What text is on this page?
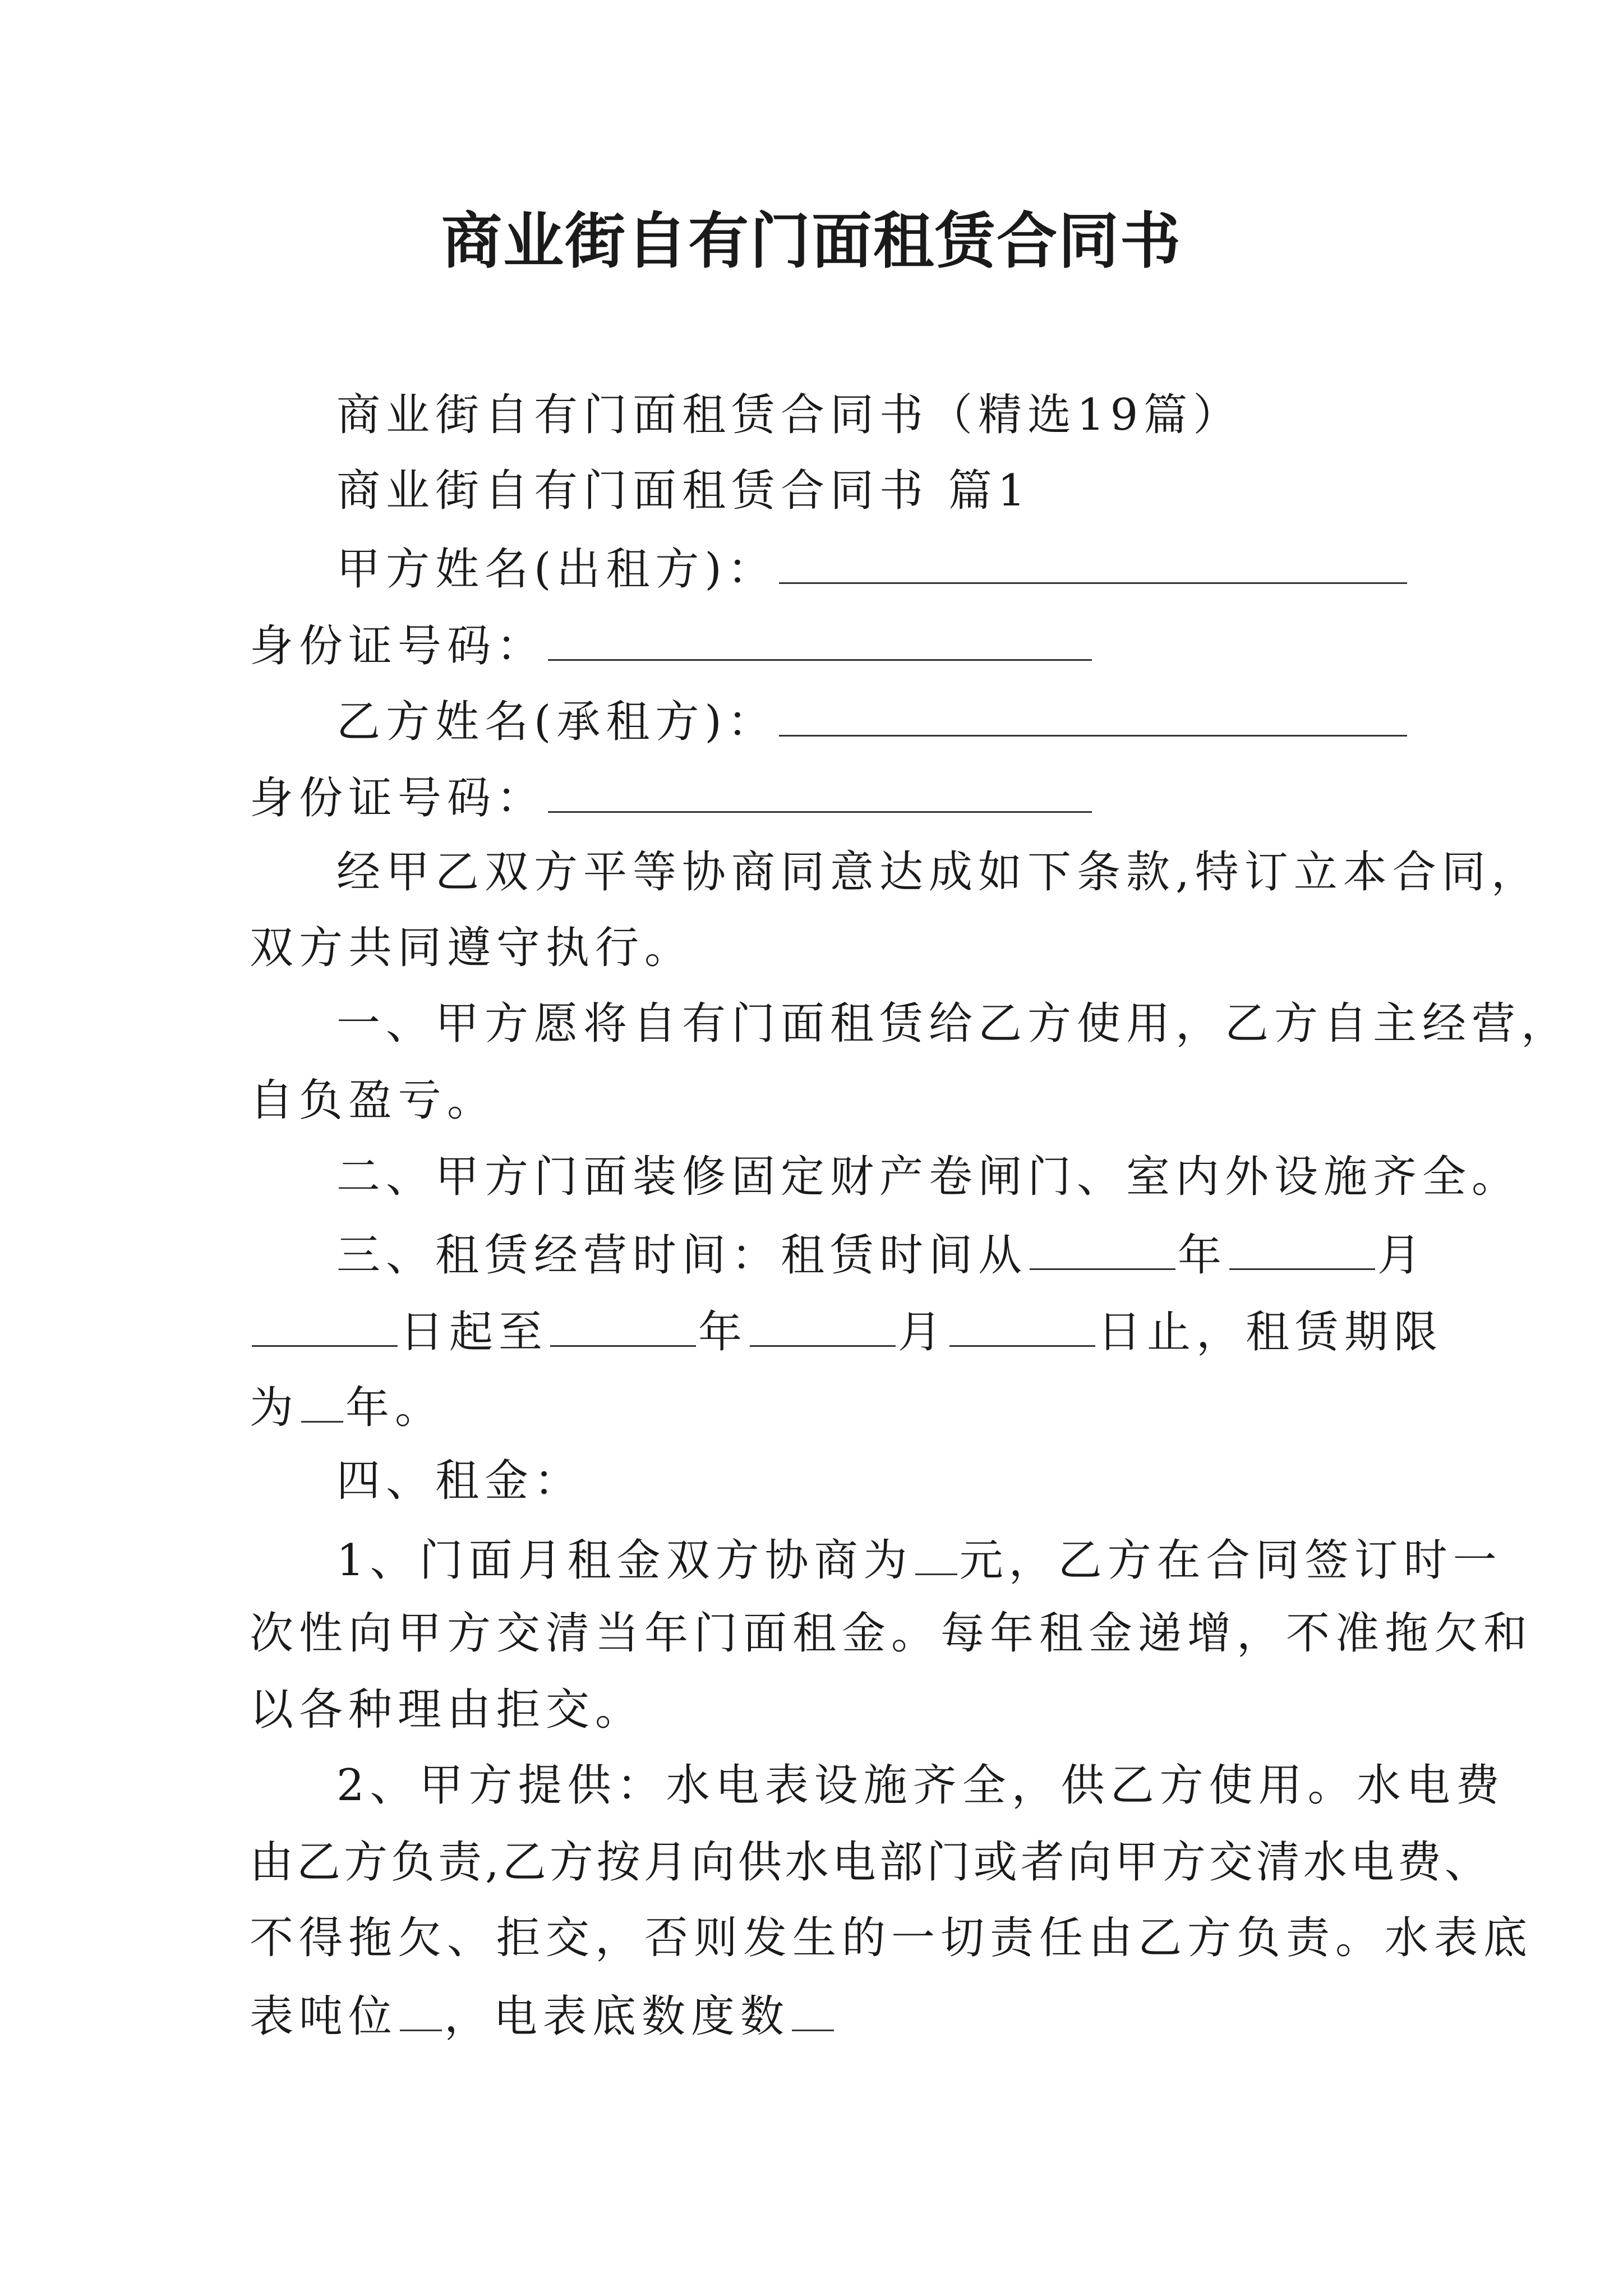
商业街自有门面租赁合同书
商业街自有门面租赁合同书（精选19篇）
商业街自有门面租赁合同书 篇1
甲方姓名(出租方)：
身份证号码：
乙方姓名(承租方)：
身份证号码：
经甲乙双方平等协商同意达成如下条款,特订立本合同，
双方共同遵守执行。
一、甲方愿将自有门面租赁给乙方使用，乙方自主经营，
自负盈亏。
二、甲方门面装修固定财产卷闸门、室内外设施齐全。
三、租赁经营时间：租赁时间从	年	月
日起至	年	月	日止，租赁期限
为 年。
四、租金：
1、门面月租金双方协商为 元，乙方在合同签订时一
次性向甲方交清当年门面租金。每年租金递增，不准拖欠和
以各种理由拒交。
2、甲方提供：水电表设施齐全，供乙方使用。水电费
由乙方负责,乙方按月向供水电部门或者向甲方交清水电费、
不得拖欠、拒交，否则发生的一切责任由乙方负责。水表底
表吨位 ，电表底数度数
